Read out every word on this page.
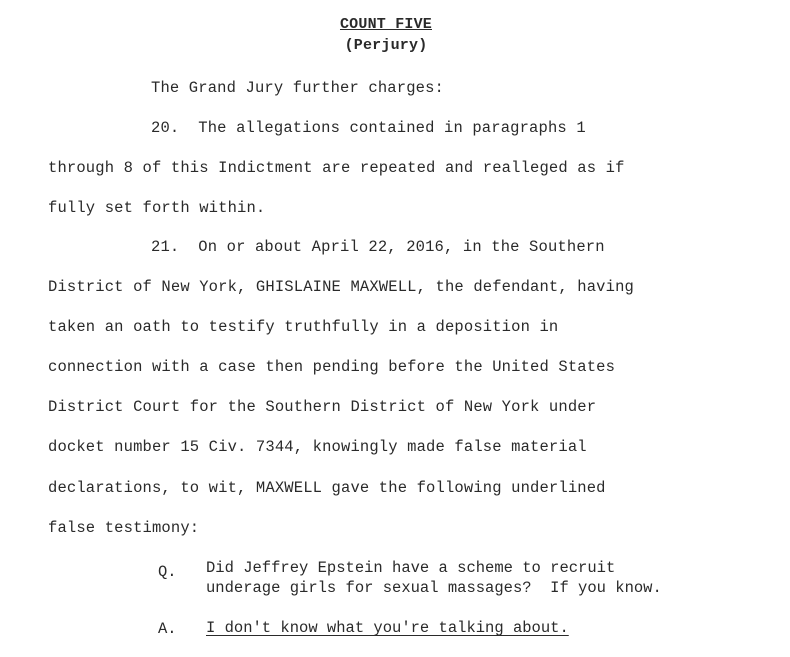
COUNT FIVE
(Perjury)
The Grand Jury further charges:
20.  The allegations contained in paragraphs 1
through 8 of this Indictment are repeated and realleged as if
fully set forth within.
21.  On or about April 22, 2016, in the Southern
District of New York, GHISLAINE MAXWELL, the defendant, having
taken an oath to testify truthfully in a deposition in
connection with a case then pending before the United States
District Court for the Southern District of New York under
docket number 15 Civ. 7344, knowingly made false material
declarations, to wit, MAXWELL gave the following underlined
false testimony:
Q. Did Jeffrey Epstein have a scheme to recruit
underage girls for sexual massages?  If you know.
A. I don't know what you're talking about.
